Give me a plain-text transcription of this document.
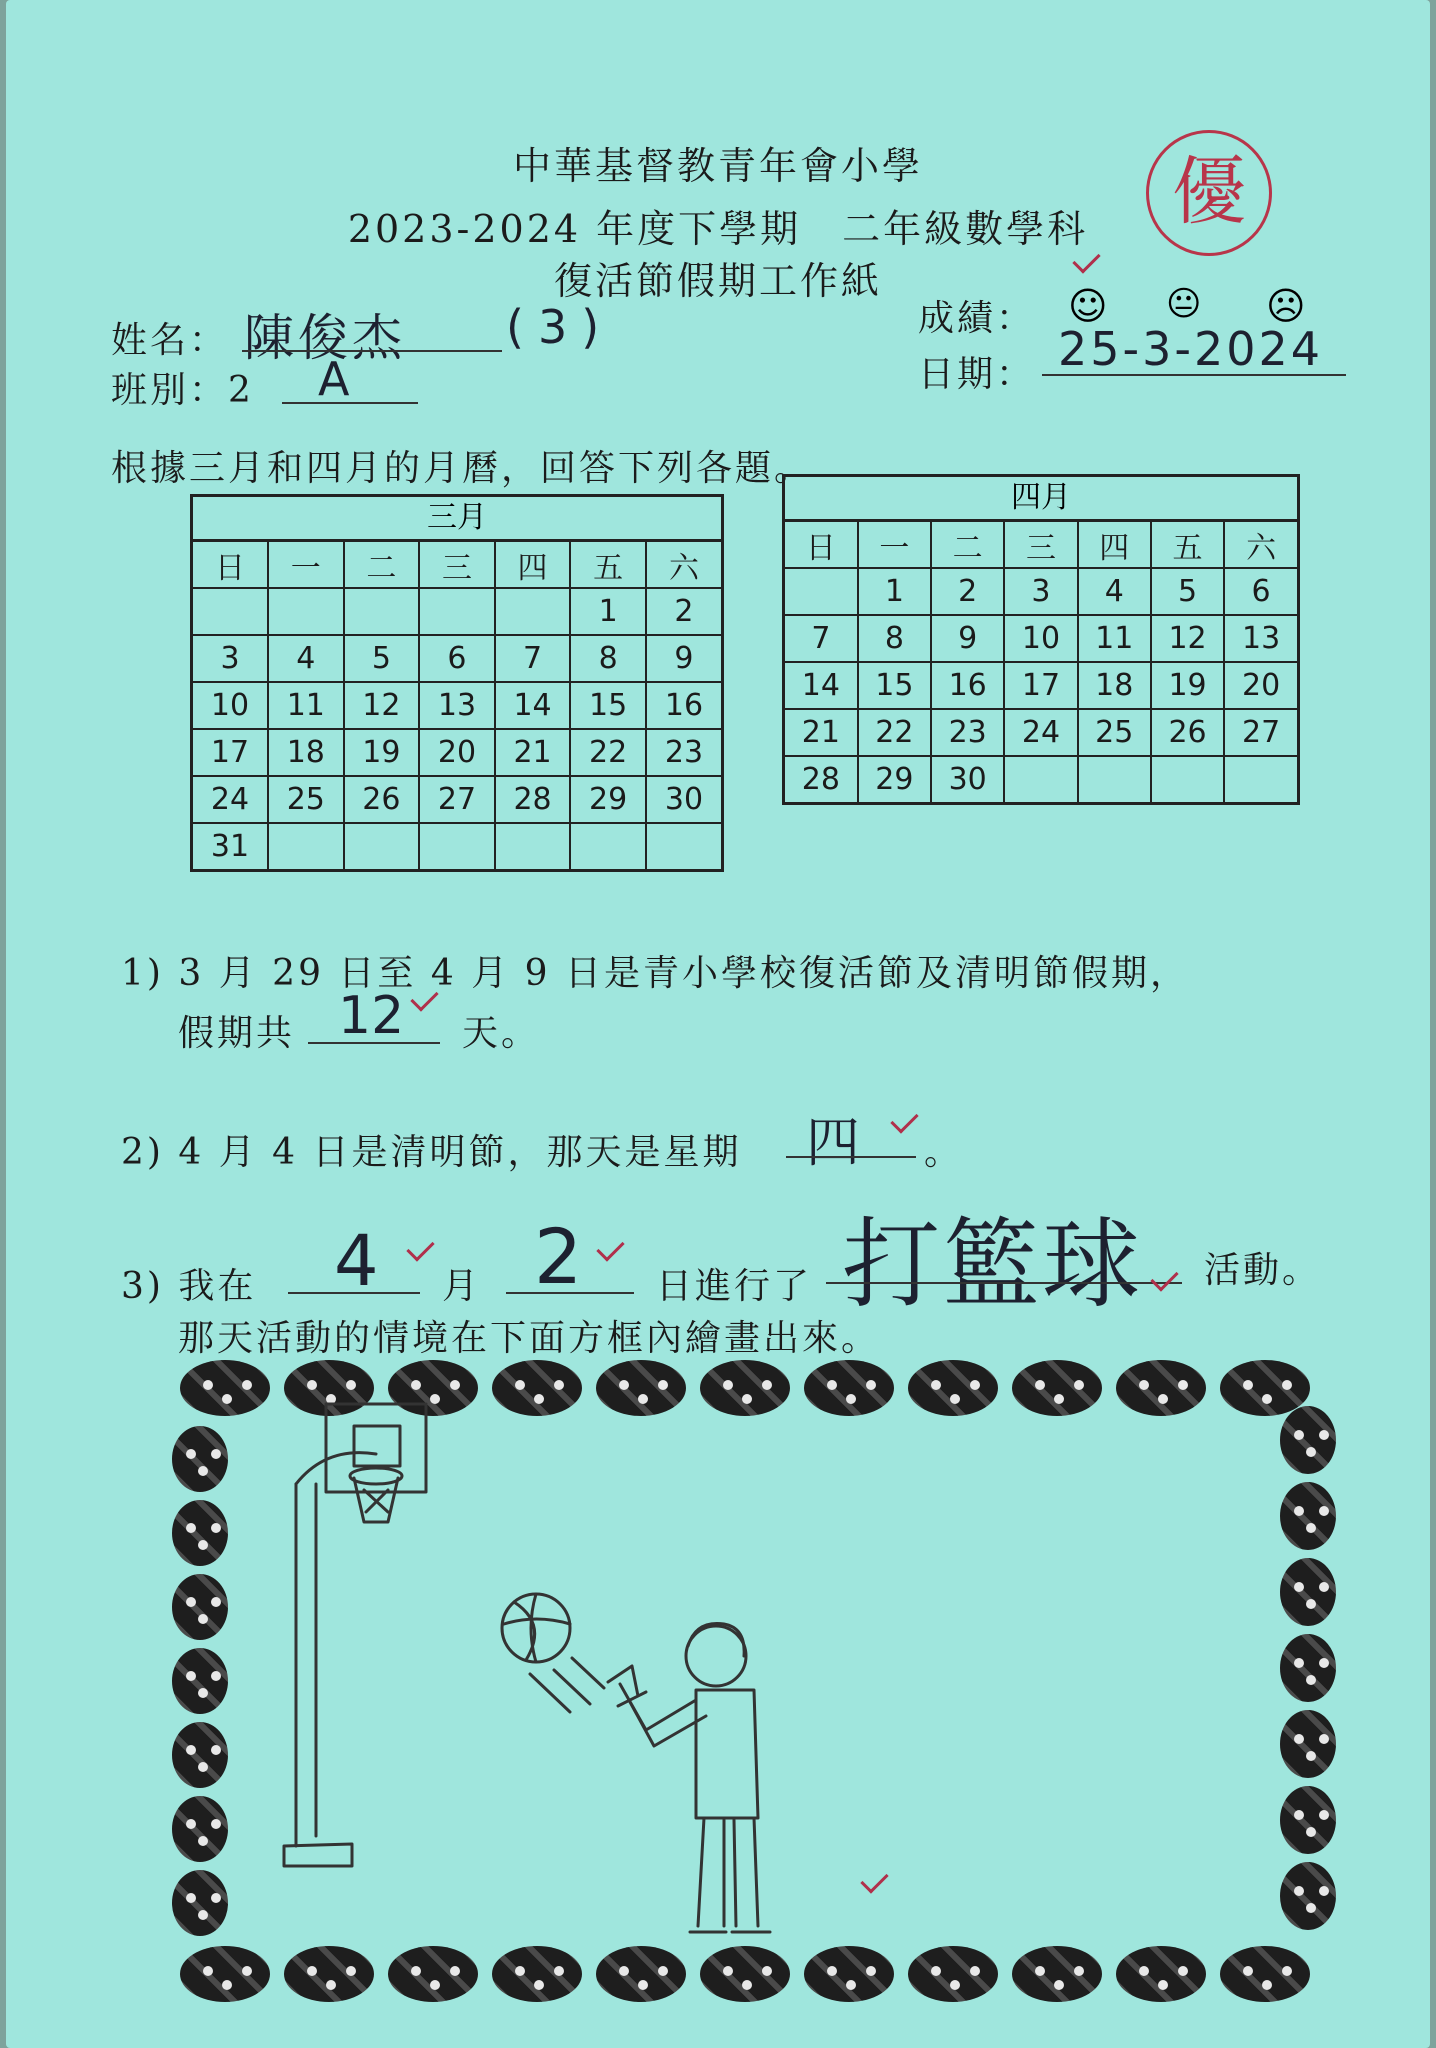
中華基督教青年會小學
2023-2024 年度下學期　二年級數學科
復活節假期工作紙
優
姓名： 陳俊杰 (3)
班別：2 A
成績： ☺ 😐 ☹
日期： 25-3-2024
根據三月和四月的月曆，回答下列各題。
三月
日	一	二	三	四	五	六
					1	2
3	4	5	6	7	8	9
10	11	12	13	14	15	16
17	18	19	20	21	22	23
24	25	26	27	28	29	30
31						
四月
日	一	二	三	四	五	六
	1	2	3	4	5	6
7	8	9	10	11	12	13
14	15	16	17	18	19	20
21	22	23	24	25	26	27
28	29	30				
1) 3 月 29 日至 4 月 9 日是青小學校復活節及清明節假期，
假期共 12 天。
2) 4 月 4 日是清明節，那天是星期 四 。
3) 我在 4 月 2 日進行了 打籃球 活動。
那天活動的情境在下面方框內繪畫出來。
